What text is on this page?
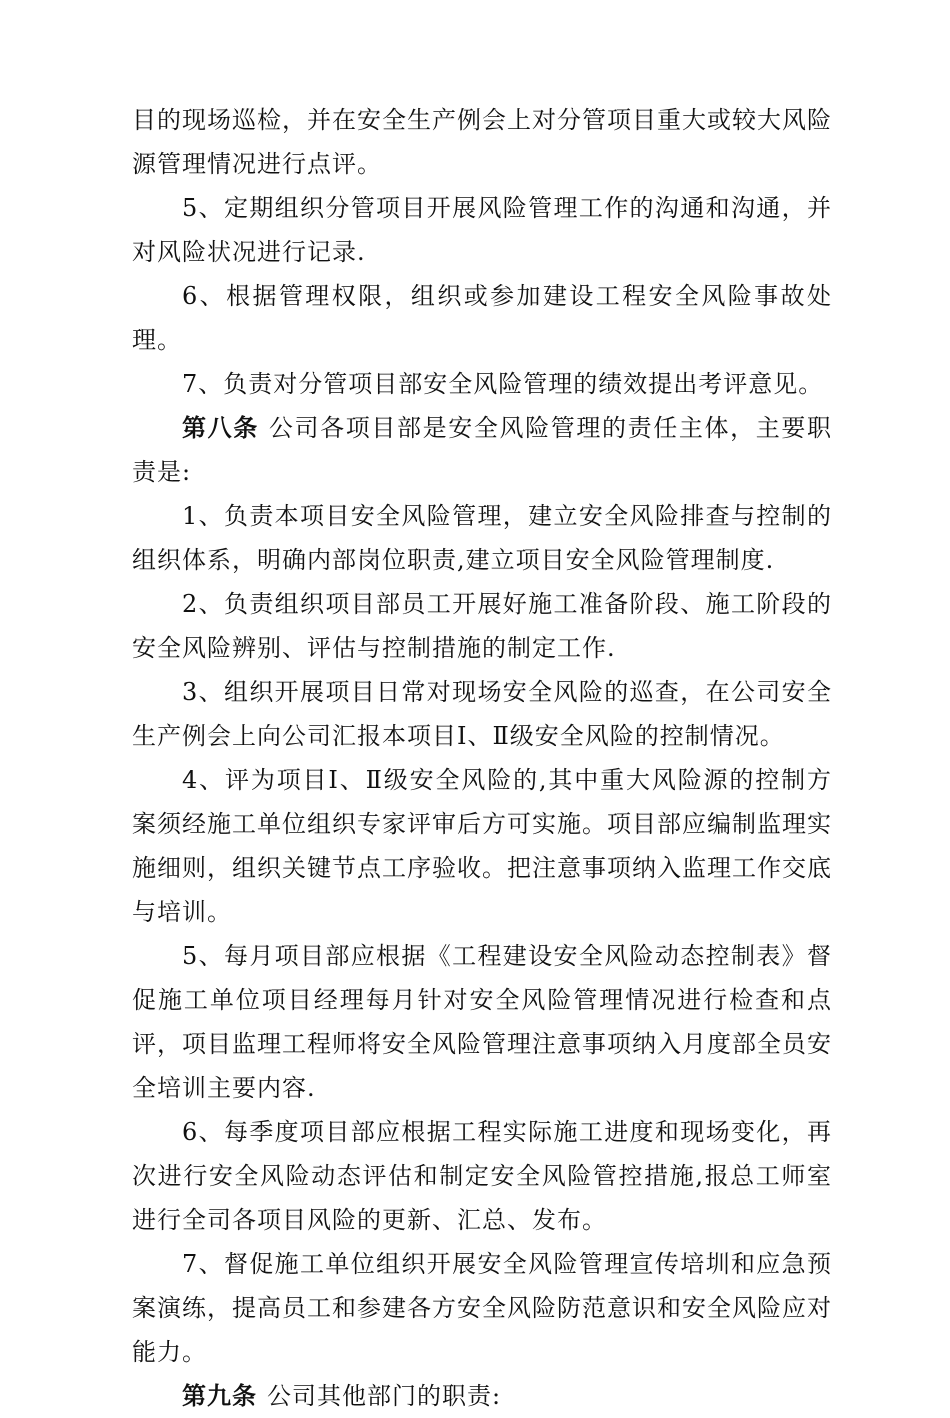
目的现场巡检，并在安全生产例会上对分管项目重大或较大风险源管理情况进行点评。

5、定期组织分管项目开展风险管理工作的沟通和沟通，并对风险状况进行记录.

6、根据管理权限，组织或参加建设工程安全风险事故处理。

7、负责对分管项目部安全风险管理的绩效提出考评意见。

第八条 公司各项目部是安全风险管理的责任主体，主要职责是:

1、负责本项目安全风险管理，建立安全风险排查与控制的组织体系，明确内部岗位职责,建立项目安全风险管理制度.

2、负责组织项目部员工开展好施工准备阶段、施工阶段的安全风险辨别、评估与控制措施的制定工作.

3、组织开展项目日常对现场安全风险的巡查，在公司安全生产例会上向公司汇报本项目Ⅰ、Ⅱ级安全风险的控制情况。

4、评为项目Ⅰ、Ⅱ级安全风险的,其中重大风险源的控制方案须经施工单位组织专家评审后方可实施。项目部应编制监理实施细则，组织关键节点工序验收。把注意事项纳入监理工作交底与培训。

5、每月项目部应根据《工程建设安全风险动态控制表》督促施工单位项目经理每月针对安全风险管理情况进行检查和点评，项目监理工程师将安全风险管理注意事项纳入月度部全员安全培训主要内容.

6、每季度项目部应根据工程实际施工进度和现场变化，再次进行安全风险动态评估和制定安全风险管控措施,报总工师室进行全司各项目风险的更新、汇总、发布。

7、督促施工单位组织开展安全风险管理宣传培圳和应急预案演练，提高员工和参建各方安全风险防范意识和安全风险应对能力。

第九条 公司其他部门的职责:
